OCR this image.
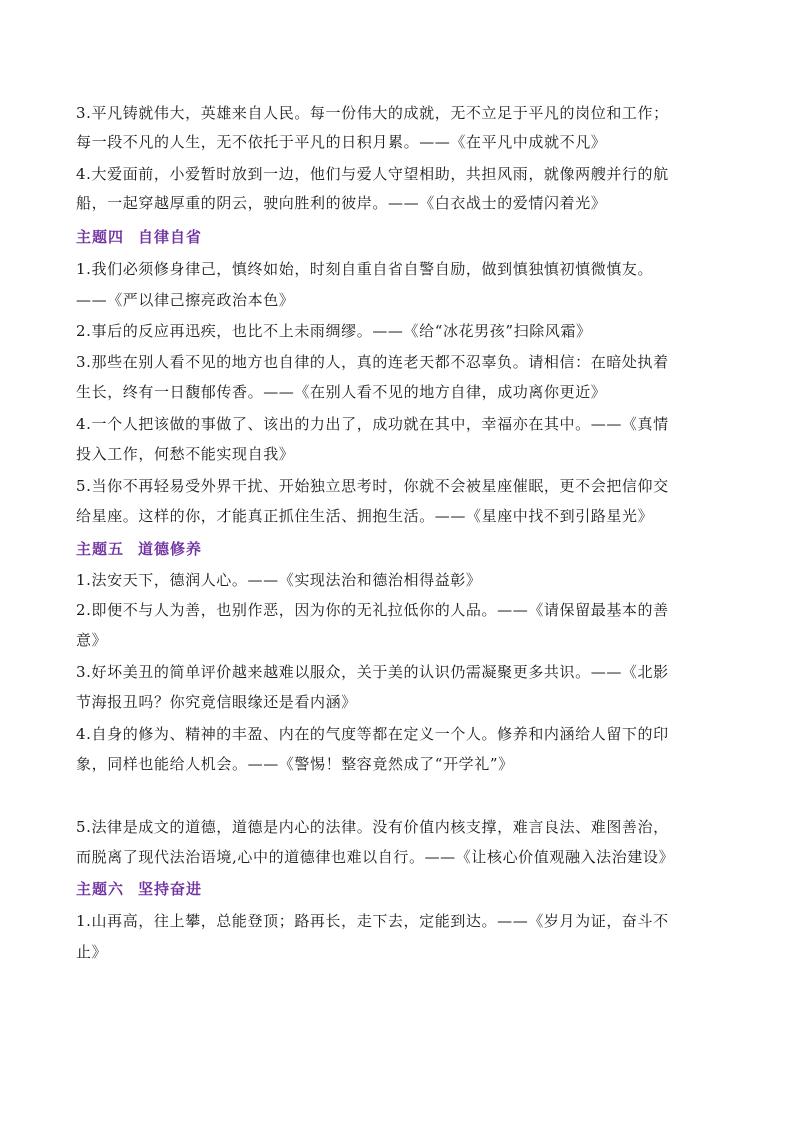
3.平凡铸就伟大，英雄来自人民。每一份伟大的成就，无不立足于平凡的岗位和工作；
每一段不凡的人生，无不依托于平凡的日积月累。——《在平凡中成就不凡》
4.大爱面前，小爱暂时放到一边，他们与爱人守望相助，共担风雨，就像两艘并行的航
船，一起穿越厚重的阴云，驶向胜利的彼岸。——《白衣战士的爱情闪着光》
主题四 自律自省
1.我们必须修身律己，慎终如始，时刻自重自省自警自励，做到慎独慎初慎微慎友。
——《严以律己擦亮政治本色》
2.事后的反应再迅疾，也比不上未雨绸缪。——《给“冰花男孩”扫除风霜》
3.那些在别人看不见的地方也自律的人，真的连老天都不忍辜负。请相信：在暗处执着
生长，终有一日馥郁传香。——《在别人看不见的地方自律，成功离你更近》
4.一个人把该做的事做了、该出的力出了，成功就在其中，幸福亦在其中。——《真情
投入工作，何愁不能实现自我》
5.当你不再轻易受外界干扰、开始独立思考时，你就不会被星座催眠，更不会把信仰交
给星座。这样的你，才能真正抓住生活、拥抱生活。——《星座中找不到引路星光》
主题五 道德修养
1.法安天下，德润人心。——《实现法治和德治相得益彰》
2.即便不与人为善，也别作恶，因为你的无礼拉低你的人品。——《请保留最基本的善
意》
3.好坏美丑的简单评价越来越难以服众，关于美的认识仍需凝聚更多共识。——《北影
节海报丑吗？你究竟信眼缘还是看内涵》
4.自身的修为、精神的丰盈、内在的气度等都在定义一个人。修养和内涵给人留下的印
象，同样也能给人机会。——《警惕！整容竟然成了“开学礼”》
5.法律是成文的道德，道德是内心的法律。没有价值内核支撑，难言良法、难图善治，
而脱离了现代法治语境,心中的道德律也难以自行。——《让核心价值观融入法治建设》
主题六 坚持奋进
1.山再高，往上攀，总能登顶；路再长，走下去，定能到达。——《岁月为证，奋斗不
止》
